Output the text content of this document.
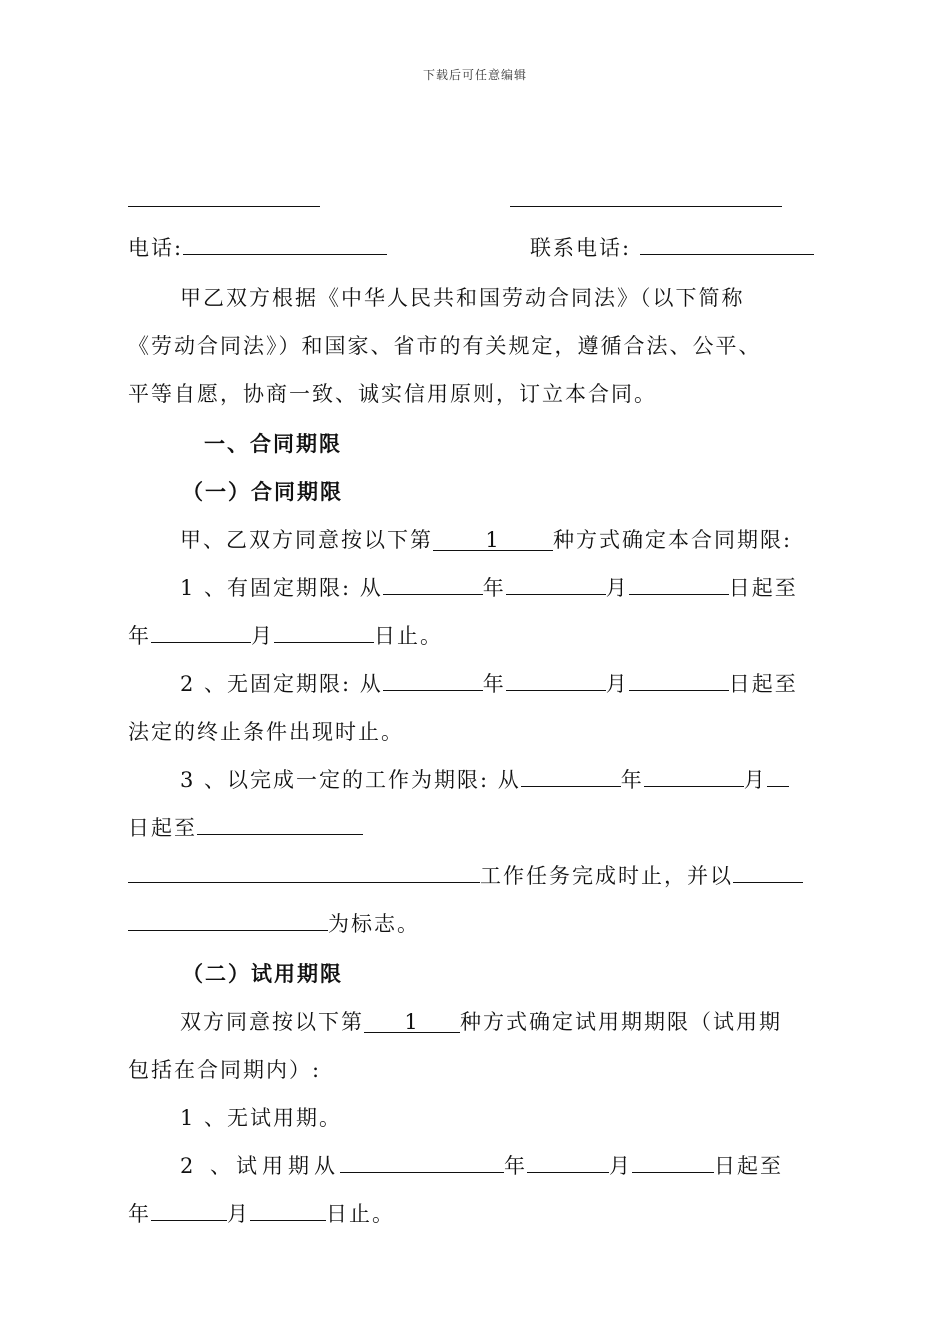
下载后可任意编辑
电话:	联系电话:
甲乙双方根据《中华人民共和国劳动合同法》（以下简称
《劳动合同法》）和国家、省市的有关规定，遵循合法、公平、
平等自愿，协商一致、诚实信用原则，订立本合同。
一、合同期限
（一）合同期限
甲、乙双方同意按以下第 1 种方式确定本合同期限:
1 、有固定期限: 从	年	月	日起至
年	月	日止。
2 、无固定期限: 从	年	月	日起至
法定的终止条件出现时止。
3 、以完成一定的工作为期限: 从	年	月
日起至
工作任务完成时止，并以
为标志。
（二）试用期限
双方同意按以下第 1 种方式确定试用期期限（试用期
包括在合同期内）:
1 、无试用期。
2 、试用期从	年	月	日起至
年	月	日止。
